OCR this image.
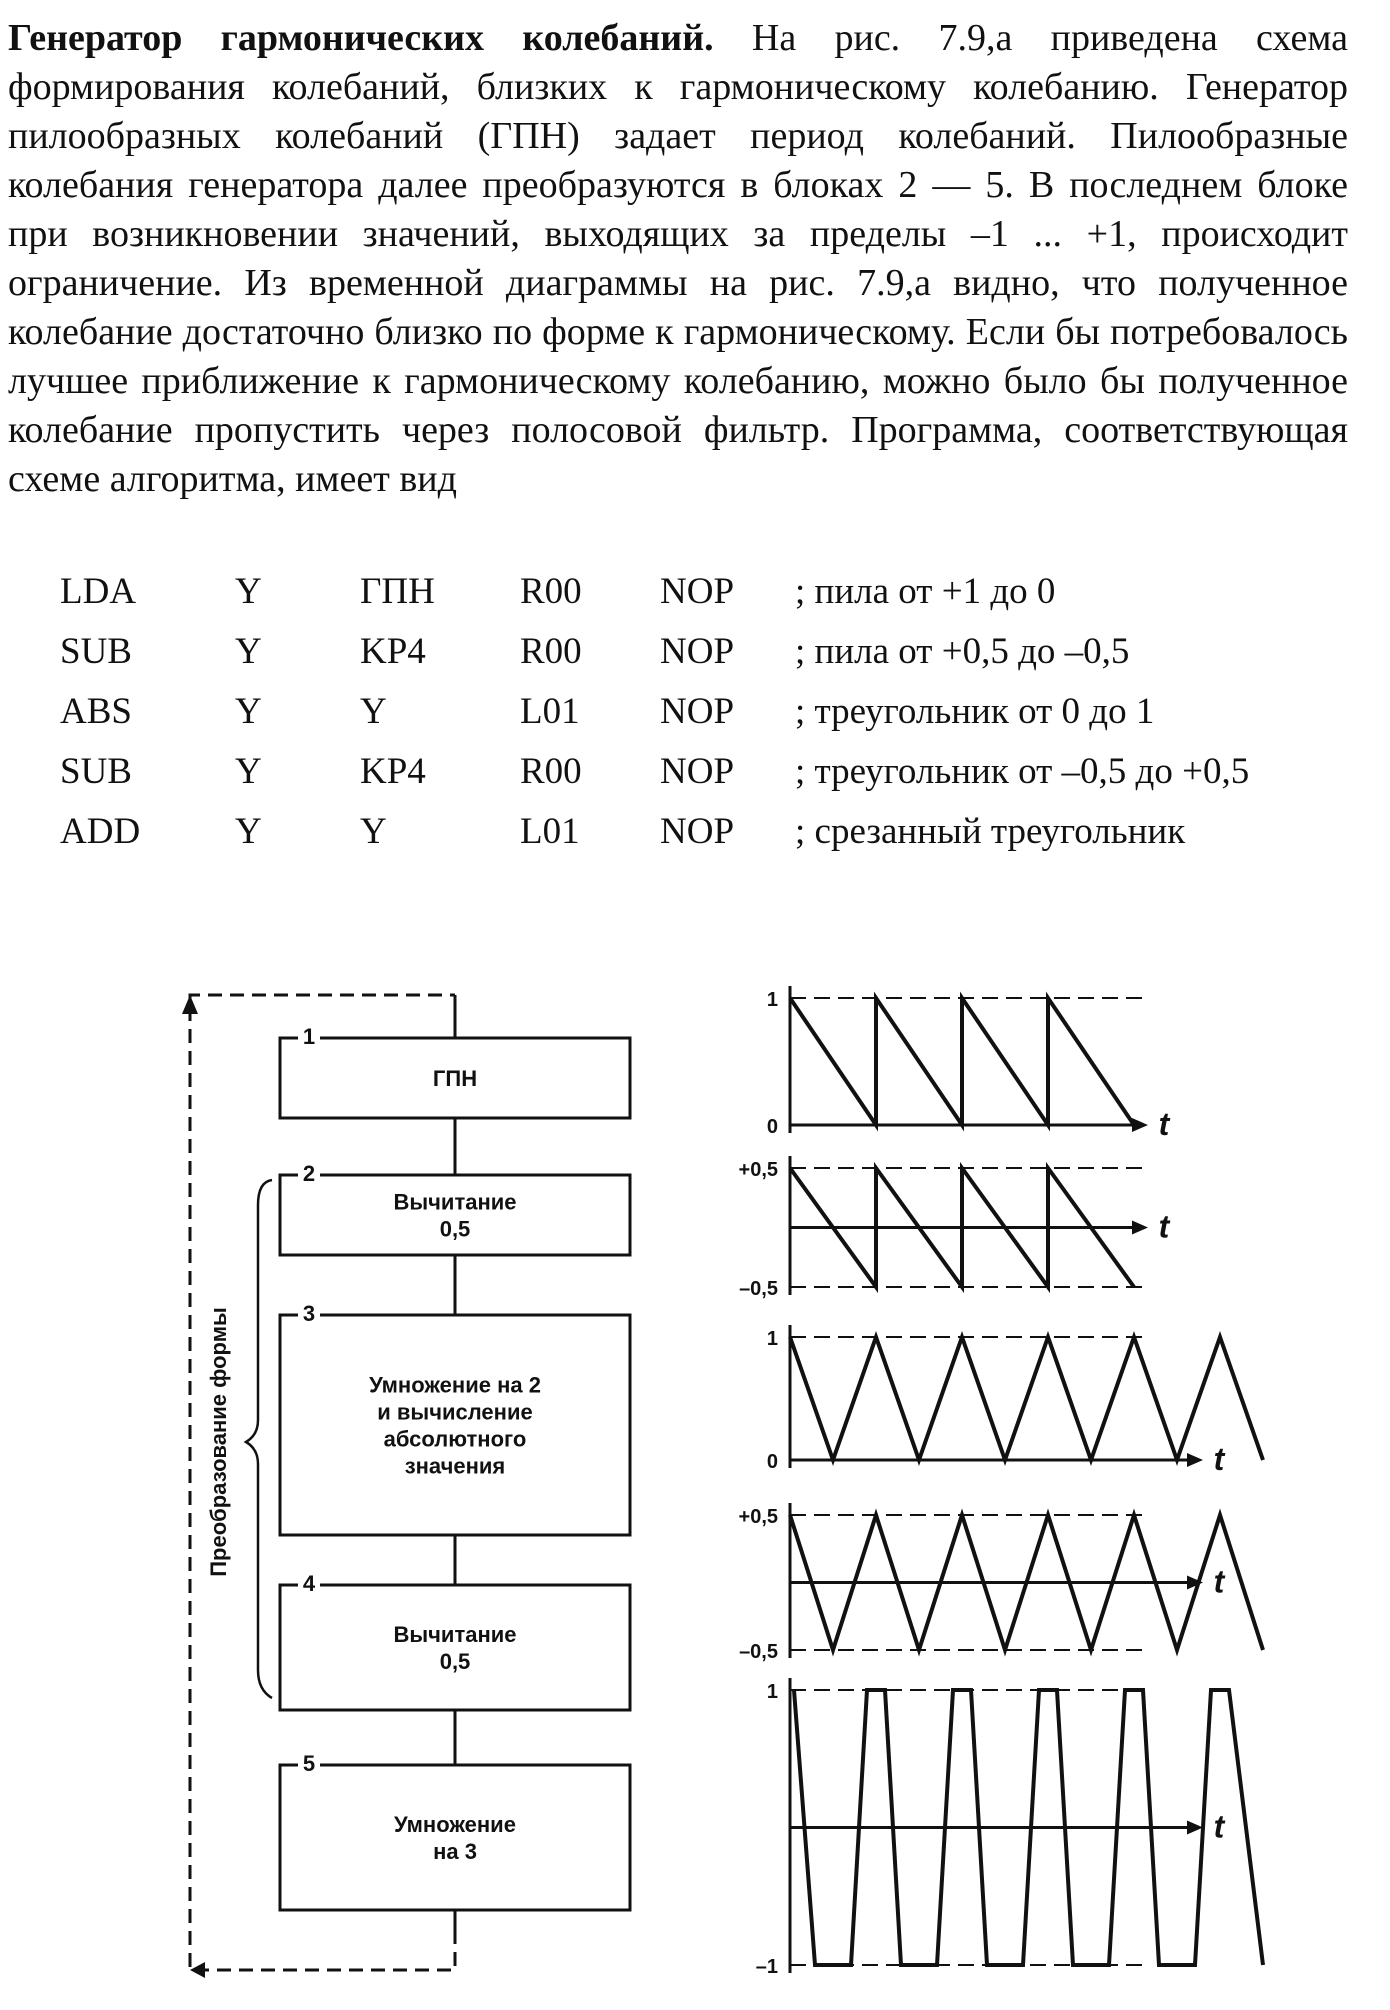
Генератор гармонических колебаний. На рис. 7.9,а приведена схема формирования колебаний, близких к гармоническому колебанию. Генератор пилообразных колебаний (ГПН) задает период колебаний. Пилообразные колебания генератора далее преобразуются в блоках 2 — 5. В последнем блоке при возникновении значений, выходящих за пределы –1 ... +1, происходит ограничение. Из временной диаграммы на рис. 7.9,а видно, что полученное колебание достаточно близко по форме к гармоническому. Если бы потребовалось лучшее приближение к гармоническому колебанию, можно было бы полученное колебание пропустить через полосовой фильтр. Программа, соответствующая схеме алгоритма, имеет вид

LDA	Y	ГПН	R00	NOP	; пила от +1 до 0
SUB	Y	KP4	R00	NOP	; пила от +0,5 до –0,5
ABS	Y	Y	L01	NOP	; треугольник от 0 до 1
SUB	Y	KP4	R00	NOP	; треугольник от –0,5 до +0,5
ADD	Y	Y	L01	NOP	; срезанный треугольник
1
ГПН
2
Вычитание
0,5
3
Умножение на 2
и вычисление
абсолютного
значения
4
Вычитание
0,5
5
Умножение
на 3
Преобразование формы
t
1
0
t
+0,5
–0,5
t
1
0
t
+0,5
–0,5
t
1
–1
